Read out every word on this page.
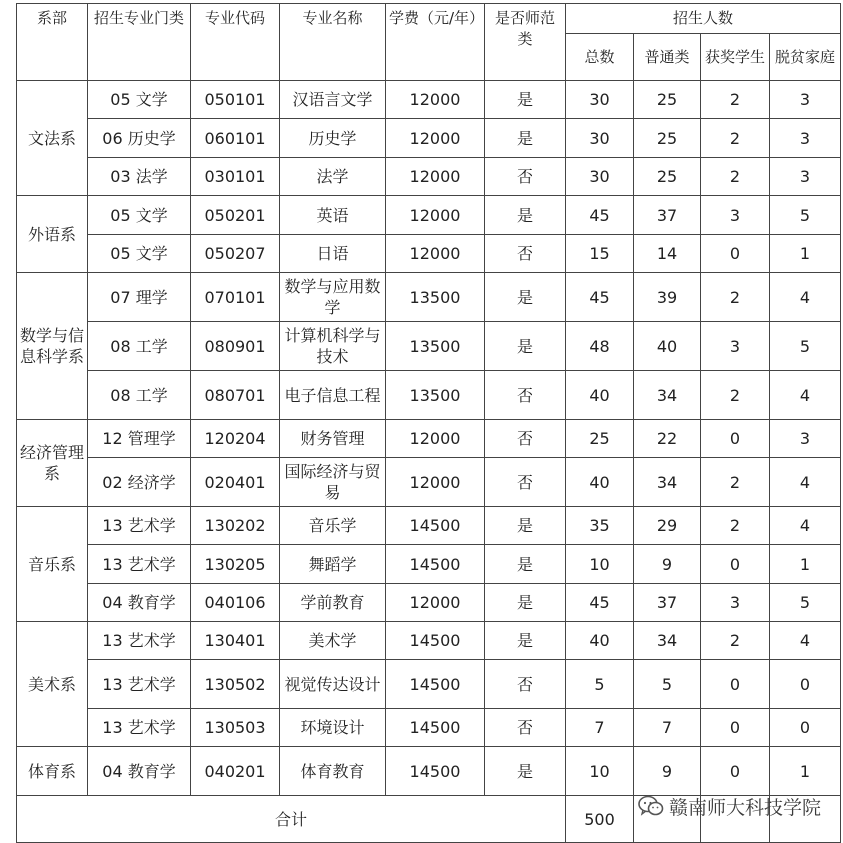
系部	招生专业门类	专业代码	专业名称	学费（元/年）	是否师范类	招生人数			
						总数	普通类	获奖学生	脱贫家庭
文法系	05 文学	050101	汉语言文学	12000	是	30	25	2	3
	06 历史学	060101	历史学	12000	是	30	25	2	3
	03 法学	030101	法学	12000	否	30	25	2	3
外语系	05 文学	050201	英语	12000	是	45	37	3	5
	05 文学	050207	日语	12000	否	15	14	0	1
数学与信息科学系	07 理学	070101	数学与应用数学	13500	是	45	39	2	4
	08 工学	080901	计算机科学与技术	13500	是	48	40	3	5
	08 工学	080701	电子信息工程	13500	否	40	34	2	4
经济管理系	12 管理学	120204	财务管理	12000	否	25	22	0	3
	02 经济学	020401	国际经济与贸易	12000	否	40	34	2	4
音乐系	13 艺术学	130202	音乐学	14500	是	35	29	2	4
	13 艺术学	130205	舞蹈学	14500	是	10	9	0	1
	04 教育学	040106	学前教育	12000	是	45	37	3	5
美术系	13 艺术学	130401	美术学	14500	是	40	34	2	4
	13 艺术学	130502	视觉传达设计	14500	否	5	5	0	0
	13 艺术学	130503	环境设计	14500	否	7	7	0	0
体育系	04 教育学	040201	体育教育	14500	是	10	9	0	1
合计						500			
赣南师大科技学院
